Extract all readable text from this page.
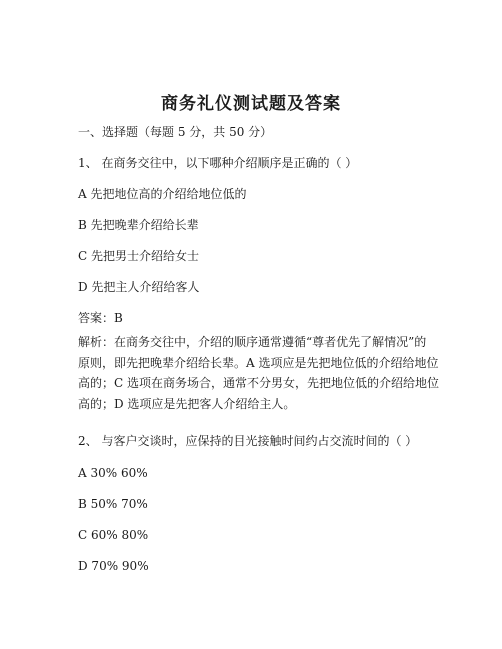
商务礼仪测试题及答案
一、选择题（每题 5 分，共 50 分）
1、 在商务交往中，以下哪种介绍顺序是正确的（ ）
A 先把地位高的介绍给地位低的
B 先把晚辈介绍给长辈
C 先把男士介绍给女士
D 先把主人介绍给客人
答案：B
解析：在商务交往中，介绍的顺序通常遵循“尊者优先了解情况”的
原则，即先把晚辈介绍给长辈。A 选项应是先把地位低的介绍给地位
高的；C 选项在商务场合，通常不分男女，先把地位低的介绍给地位
高的；D 选项应是先把客人介绍给主人。
2、 与客户交谈时，应保持的目光接触时间约占交流时间的（ ）
A 30% 60%
B 50% 70%
C 60% 80%
D 70% 90%
